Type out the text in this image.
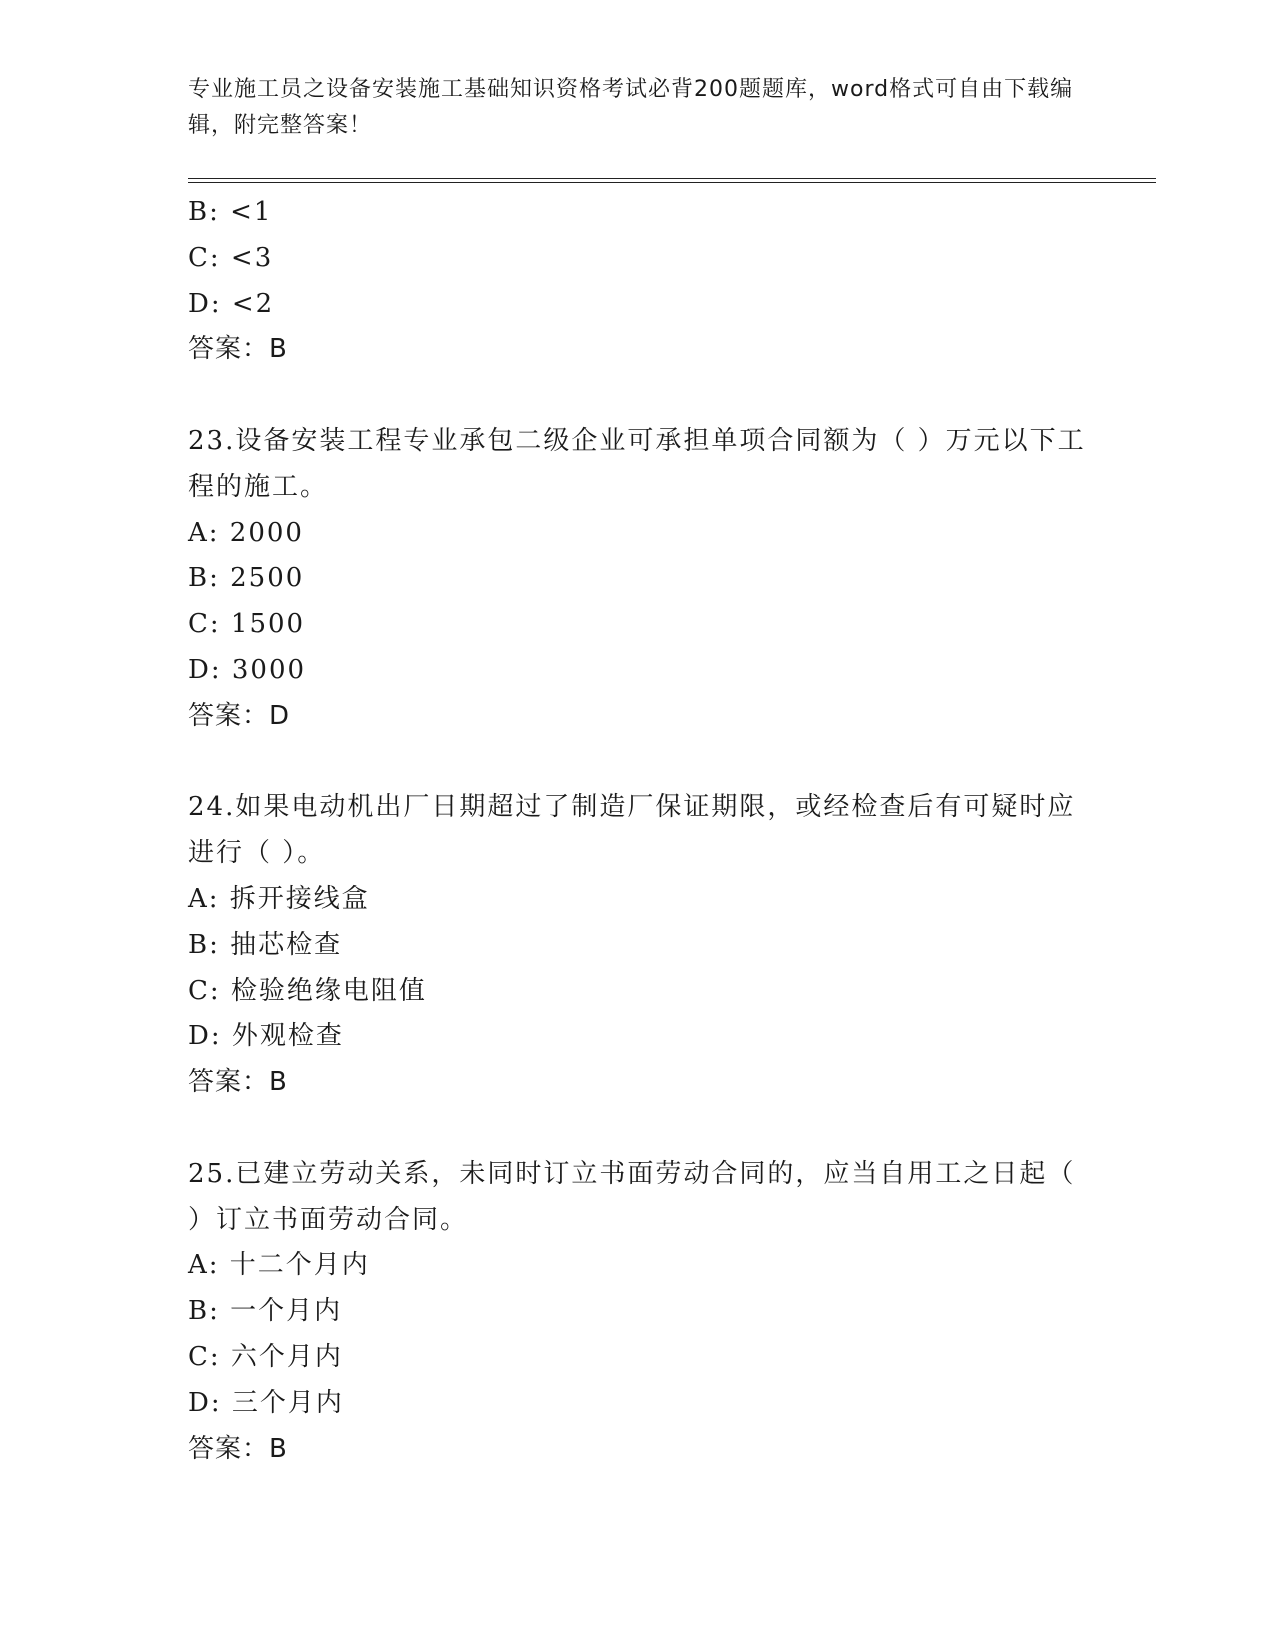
专业施工员之设备安装施工基础知识资格考试必背200题题库，word格式可自由下载编辑，附完整答案！
B: <1
C: <3
D: <2
答案：B
23.设备安装工程专业承包二级企业可承担单项合同额为（ ）万元以下工程的施工。
A: 2000
B: 2500
C: 1500
D: 3000
答案：D
24.如果电动机出厂日期超过了制造厂保证期限，或经检查后有可疑时应进行（ ）。
A: 拆开接线盒
B: 抽芯检查
C: 检验绝缘电阻值
D: 外观检查
答案：B
25.已建立劳动关系，未同时订立书面劳动合同的，应当自用工之日起（ ）订立书面劳动合同。
A: 十二个月内
B: 一个月内
C: 六个月内
D: 三个月内
答案：B
